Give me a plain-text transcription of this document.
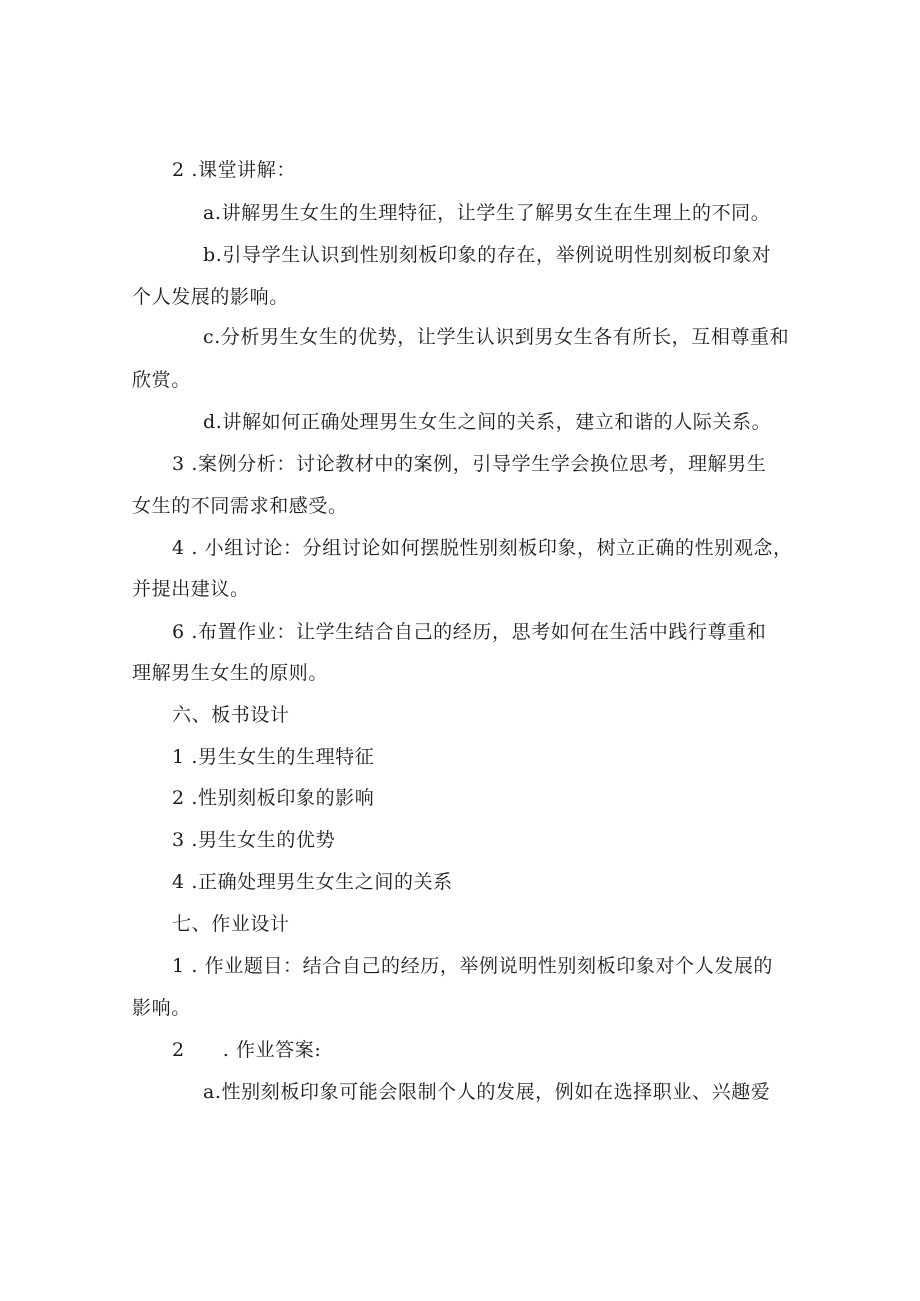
2 .课堂讲解：
a.讲解男生女生的生理特征，让学生了解男女生在生理上的不同。
b.引导学生认识到性别刻板印象的存在，举例说明性别刻板印象对
个人发展的影响。
c.分析男生女生的优势，让学生认识到男女生各有所长，互相尊重和
欣赏。
d.讲解如何正确处理男生女生之间的关系，建立和谐的人际关系。
3 .案例分析：讨论教材中的案例，引导学生学会换位思考，理解男生
女生的不同需求和感受。
4 . 小组讨论：分组讨论如何摆脱性别刻板印象，树立正确的性别观念，
并提出建议。
6 .布置作业：让学生结合自己的经历，思考如何在生活中践行尊重和
理解男生女生的原则。
六、板书设计
1 .男生女生的生理特征
2 .性别刻板印象的影响
3 .男生女生的优势
4 .正确处理男生女生之间的关系
七、作业设计
1 . 作业题目：结合自己的经历，举例说明性别刻板印象对个人发展的
影响。
2 . 作业答案:
a.性别刻板印象可能会限制个人的发展，例如在选择职业、兴趣爱
